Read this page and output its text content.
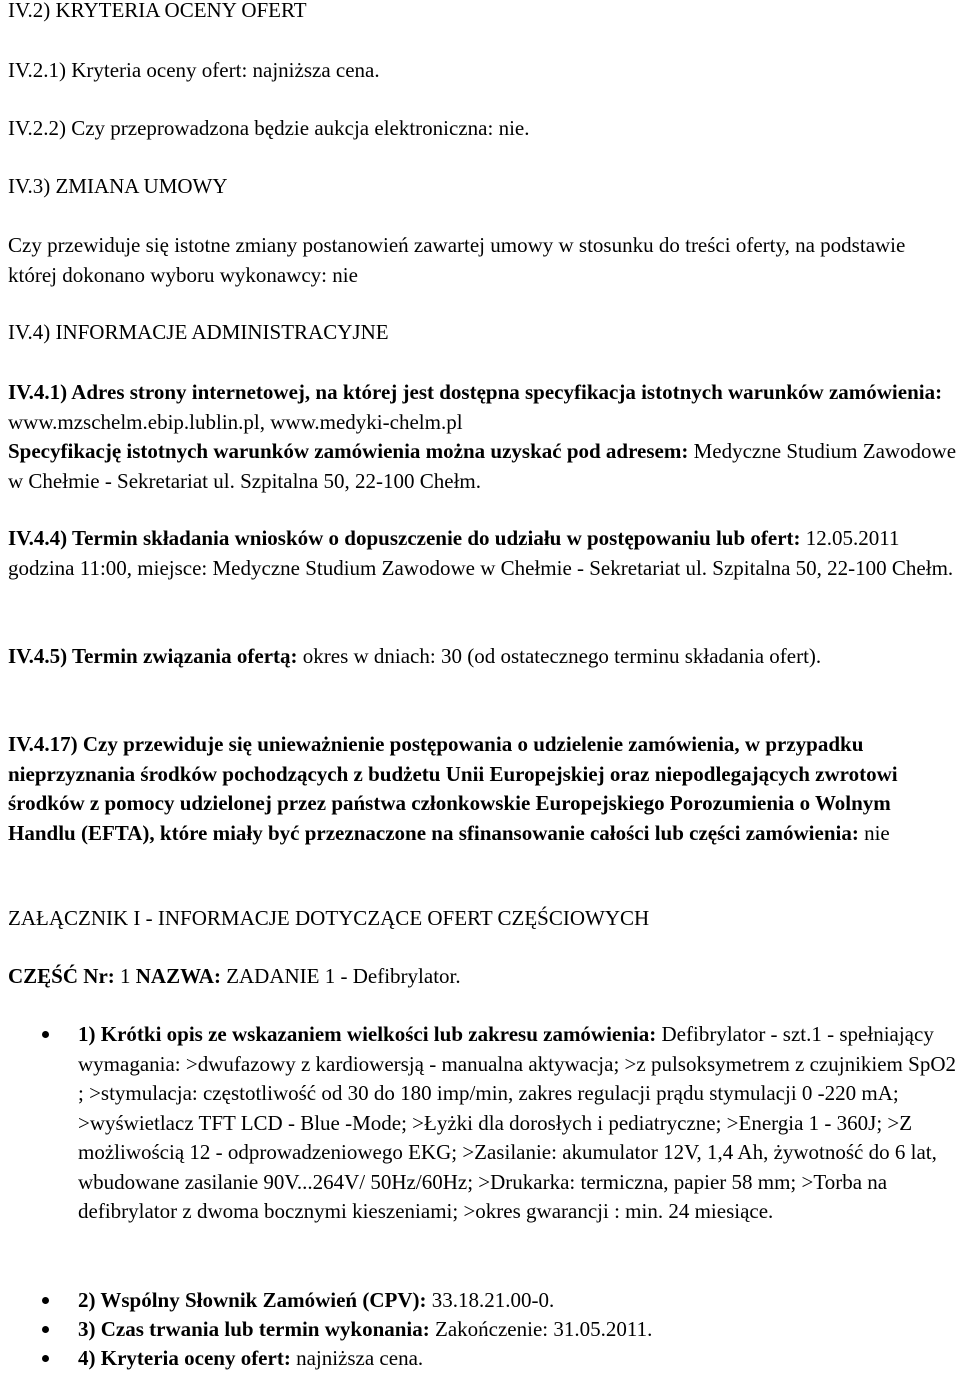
IV.2) KRYTERIA OCENY OFERT
IV.2.1) Kryteria oceny ofert: najniższa cena.
IV.2.2) Czy przeprowadzona będzie aukcja elektroniczna: nie.
IV.3) ZMIANA UMOWY
Czy przewiduje się istotne zmiany postanowień zawartej umowy w stosunku do treści oferty, na podstawie której dokonano wyboru wykonawcy: nie
IV.4) INFORMACJE ADMINISTRACYJNE
IV.4.1) Adres strony internetowej, na której jest dostępna specyfikacja istotnych warunków zamówienia: www.mzschelm.ebip.lublin.pl, www.medyki-chelm.pl
Specyfikację istotnych warunków zamówienia można uzyskać pod adresem: Medyczne Studium Zawodowe w Chełmie - Sekretariat ul. Szpitalna 50, 22-100 Chełm.
IV.4.4) Termin składania wniosków o dopuszczenie do udziału w postępowaniu lub ofert: 12.05.2011 godzina 11:00, miejsce: Medyczne Studium Zawodowe w Chełmie - Sekretariat ul. Szpitalna 50, 22-100 Chełm.
IV.4.5) Termin związania ofertą: okres w dniach: 30 (od ostatecznego terminu składania ofert).
IV.4.17) Czy przewiduje się unieważnienie postępowania o udzielenie zamówienia, w przypadku nieprzyznania środków pochodzących z budżetu Unii Europejskiej oraz niepodlegających zwrotowi środków z pomocy udzielonej przez państwa członkowskie Europejskiego Porozumienia o Wolnym Handlu (EFTA), które miały być przeznaczone na sfinansowanie całości lub części zamówienia: nie
ZAŁĄCZNIK I - INFORMACJE DOTYCZĄCE OFERT CZĘŚCIOWYCH
CZĘŚĆ Nr: 1 NAZWA: ZADANIE 1 - Defibrylator.
1) Krótki opis ze wskazaniem wielkości lub zakresu zamówienia: Defibrylator - szt.1 - spełniający wymagania: >dwufazowy z kardiowersją - manualna aktywacja; >z pulsoksymetrem z czujnikiem SpO2 ; >stymulacja: częstotliwość od 30 do 180 imp/min, zakres regulacji prądu stymulacji 0 -220 mA; >wyświetlacz TFT LCD - Blue -Mode; >Łyżki dla dorosłych i pediatryczne; >Energia 1 - 360J; >Z możliwością 12 - odprowadzeniowego EKG; >Zasilanie: akumulator 12V, 1,4 Ah, żywotność do 6 lat, wbudowane zasilanie 90V...264V/ 50Hz/60Hz; >Drukarka: termiczna, papier 58 mm; >Torba na defibrylator z dwoma bocznymi kieszeniami; >okres gwarancji : min. 24 miesiące.
2) Wspólny Słownik Zamówień (CPV): 33.18.21.00-0.
3) Czas trwania lub termin wykonania: Zakończenie: 31.05.2011.
4) Kryteria oceny ofert: najniższa cena.
